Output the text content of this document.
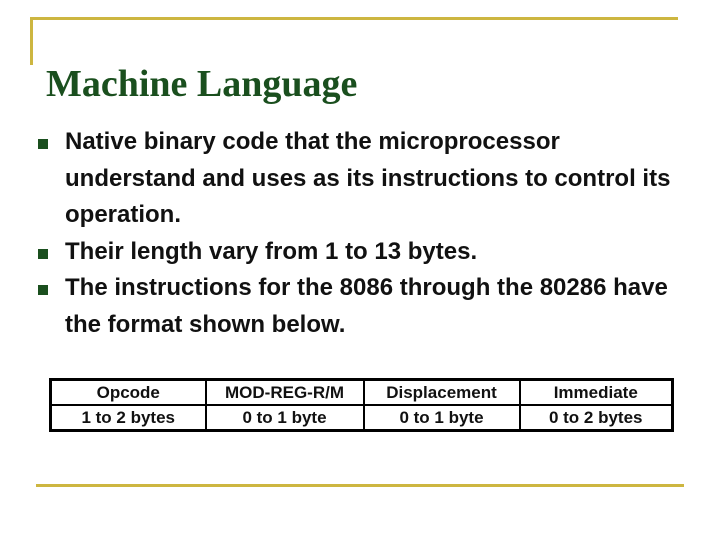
Machine Language
Native binary code that the microprocessor understand and uses as its instructions to control its operation.
Their length vary from 1 to 13 bytes.
The instructions for the 8086 through the 80286 have the format shown below.
Opcode	MOD-REG-R/M	Displacement	Immediate
1 to 2 bytes	0 to 1 byte	0 to 1 byte	0 to 2 bytes
